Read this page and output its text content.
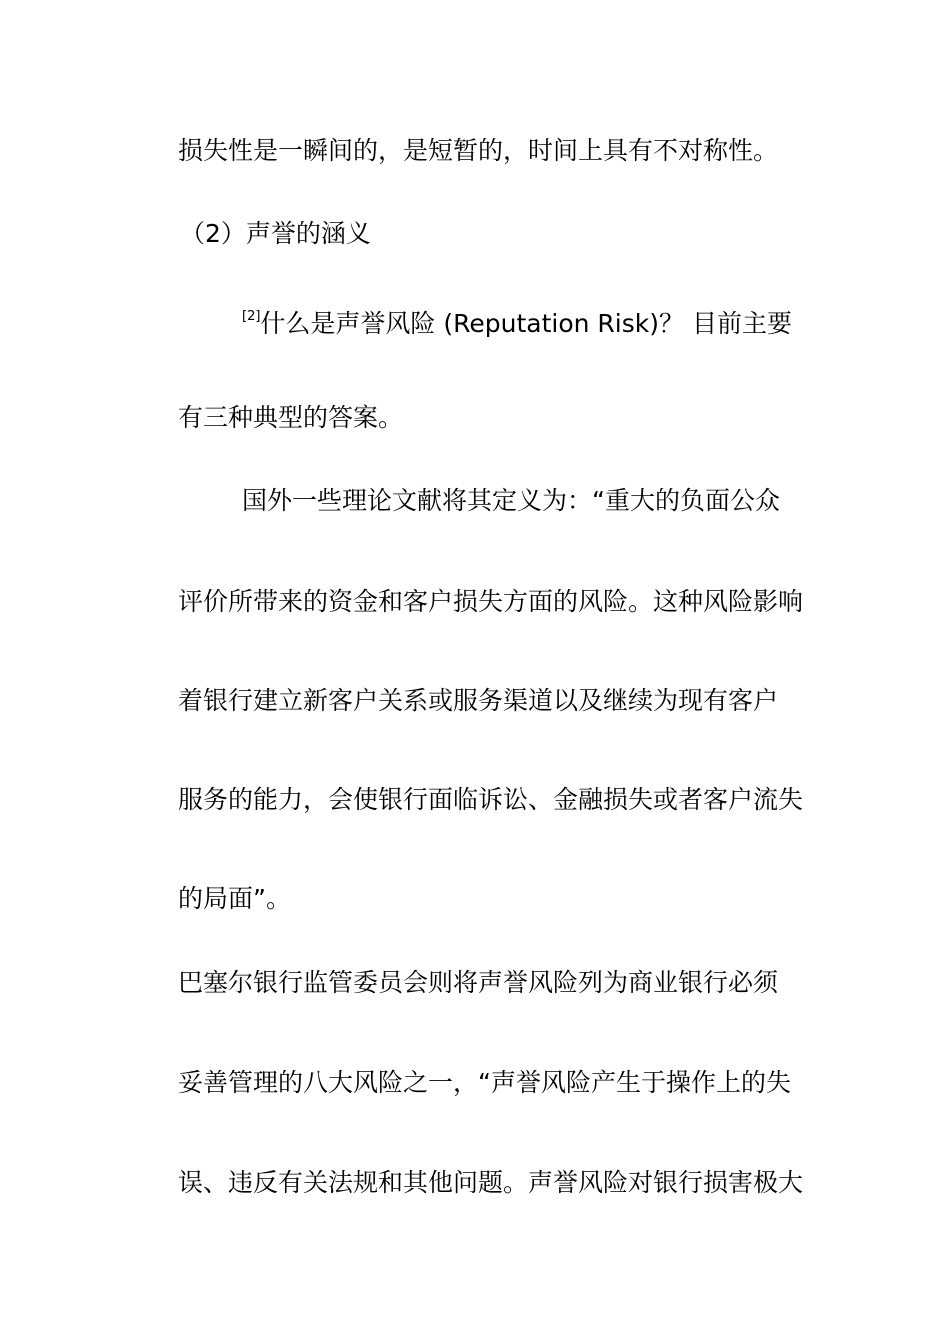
损失性是一瞬间的，是短暂的，时间上具有不对称性。
（2）声誉的涵义
[2]什么是声誉风险 (Reputation Risk)？ 目前主要
有三种典型的答案。
国外一些理论文献将其定义为：“重大的负面公众
评价所带来的资金和客户损失方面的风险。这种风险影响
着银行建立新客户关系或服务渠道以及继续为现有客户
服务的能力，会使银行面临诉讼、金融损失或者客户流失
的局面”。
巴塞尔银行监管委员会则将声誉风险列为商业银行必须
妥善管理的八大风险之一，“声誉风险产生于操作上的失
误、违反有关法规和其他问题。声誉风险对银行损害极大
